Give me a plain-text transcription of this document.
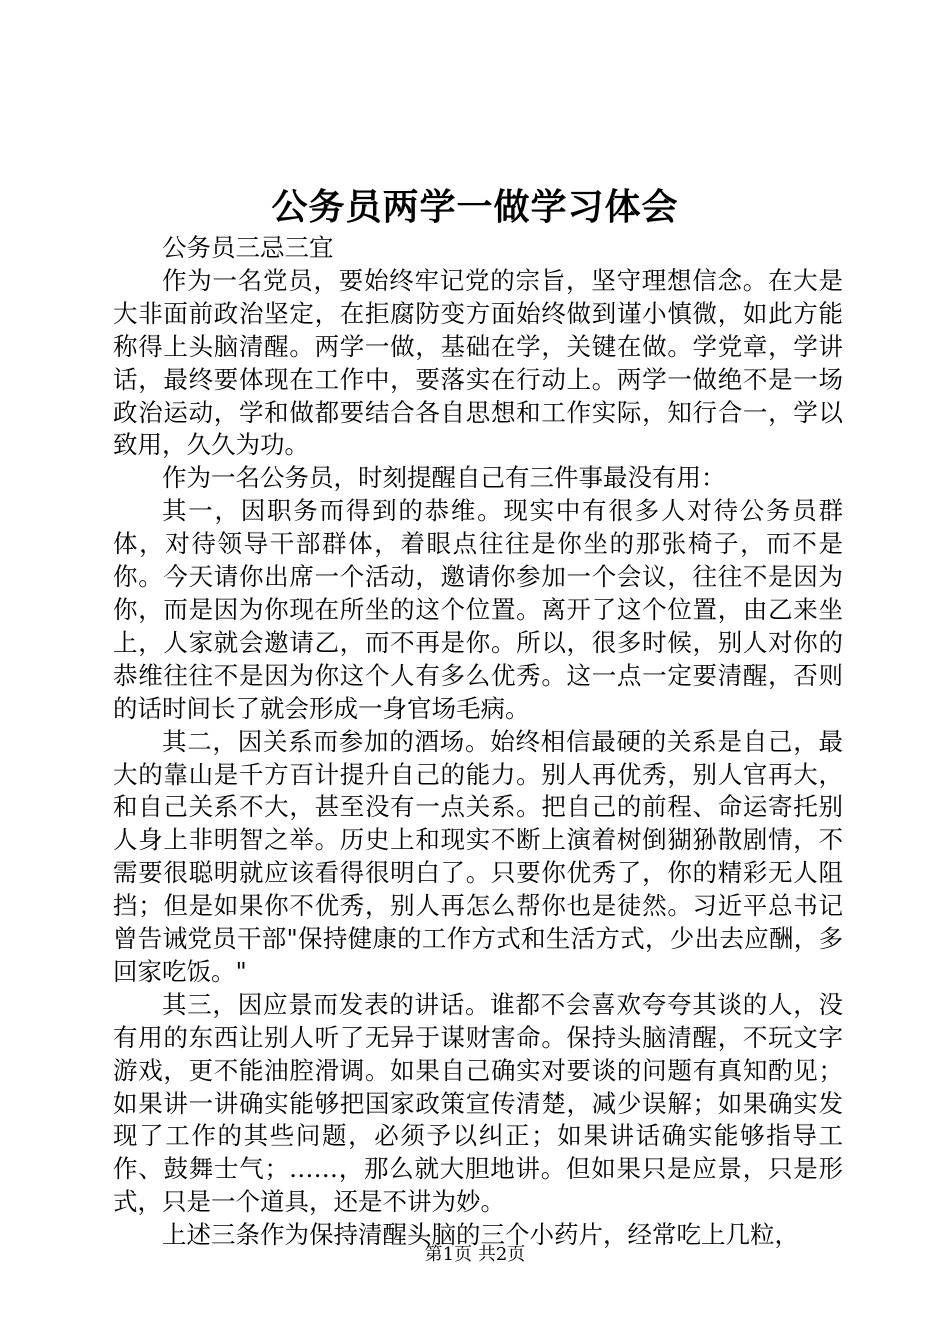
公务员两学一做学习体会

公务员三忌三宜

作为一名党员，要始终牢记党的宗旨，坚守理想信念。在大是大非面前政治坚定，在拒腐防变方面始终做到谨小慎微，如此方能称得上头脑清醒。两学一做，基础在学，关键在做。学党章，学讲话，最终要体现在工作中，要落实在行动上。两学一做绝不是一场政治运动，学和做都要结合各自思想和工作实际，知行合一，学以致用，久久为功。

作为一名公务员，时刻提醒自己有三件事最没有用：

其一，因职务而得到的恭维。现实中有很多人对待公务员群体，对待领导干部群体，着眼点往往是你坐的那张椅子，而不是你。今天请你出席一个活动，邀请你参加一个会议，往往不是因为你，而是因为你现在所坐的这个位置。离开了这个位置，由乙来坐上，人家就会邀请乙，而不再是你。所以，很多时候，别人对你的恭维往往不是因为你这个人有多么优秀。这一点一定要清醒，否则的话时间长了就会形成一身官场毛病。

其二，因关系而参加的酒场。始终相信最硬的关系是自己，最大的靠山是千方百计提升自己的能力。别人再优秀，别人官再大，和自己关系不大，甚至没有一点关系。把自己的前程、命运寄托别人身上非明智之举。历史上和现实不断上演着树倒猢狲散剧情，不需要很聪明就应该看得很明白了。只要你优秀了，你的精彩无人阻挡；但是如果你不优秀，别人再怎么帮你也是徒然。习近平总书记曾告诫党员干部"保持健康的工作方式和生活方式，少出去应酬，多回家吃饭。"

其三，因应景而发表的讲话。谁都不会喜欢夸夸其谈的人，没有用的东西让别人听了无异于谋财害命。保持头脑清醒，不玩文字游戏，更不能油腔滑调。如果自己确实对要谈的问题有真知酌见；如果讲一讲确实能够把国家政策宣传清楚，减少误解；如果确实发现了工作的其些问题，必须予以纠正；如果讲话确实能够指导工作、鼓舞士气；……，那么就大胆地讲。但如果只是应景，只是形式，只是一个道具，还是不讲为妙。

上述三条作为保持清醒头脑的三个小药片，经常吃上几粒，

第1页 共2页
